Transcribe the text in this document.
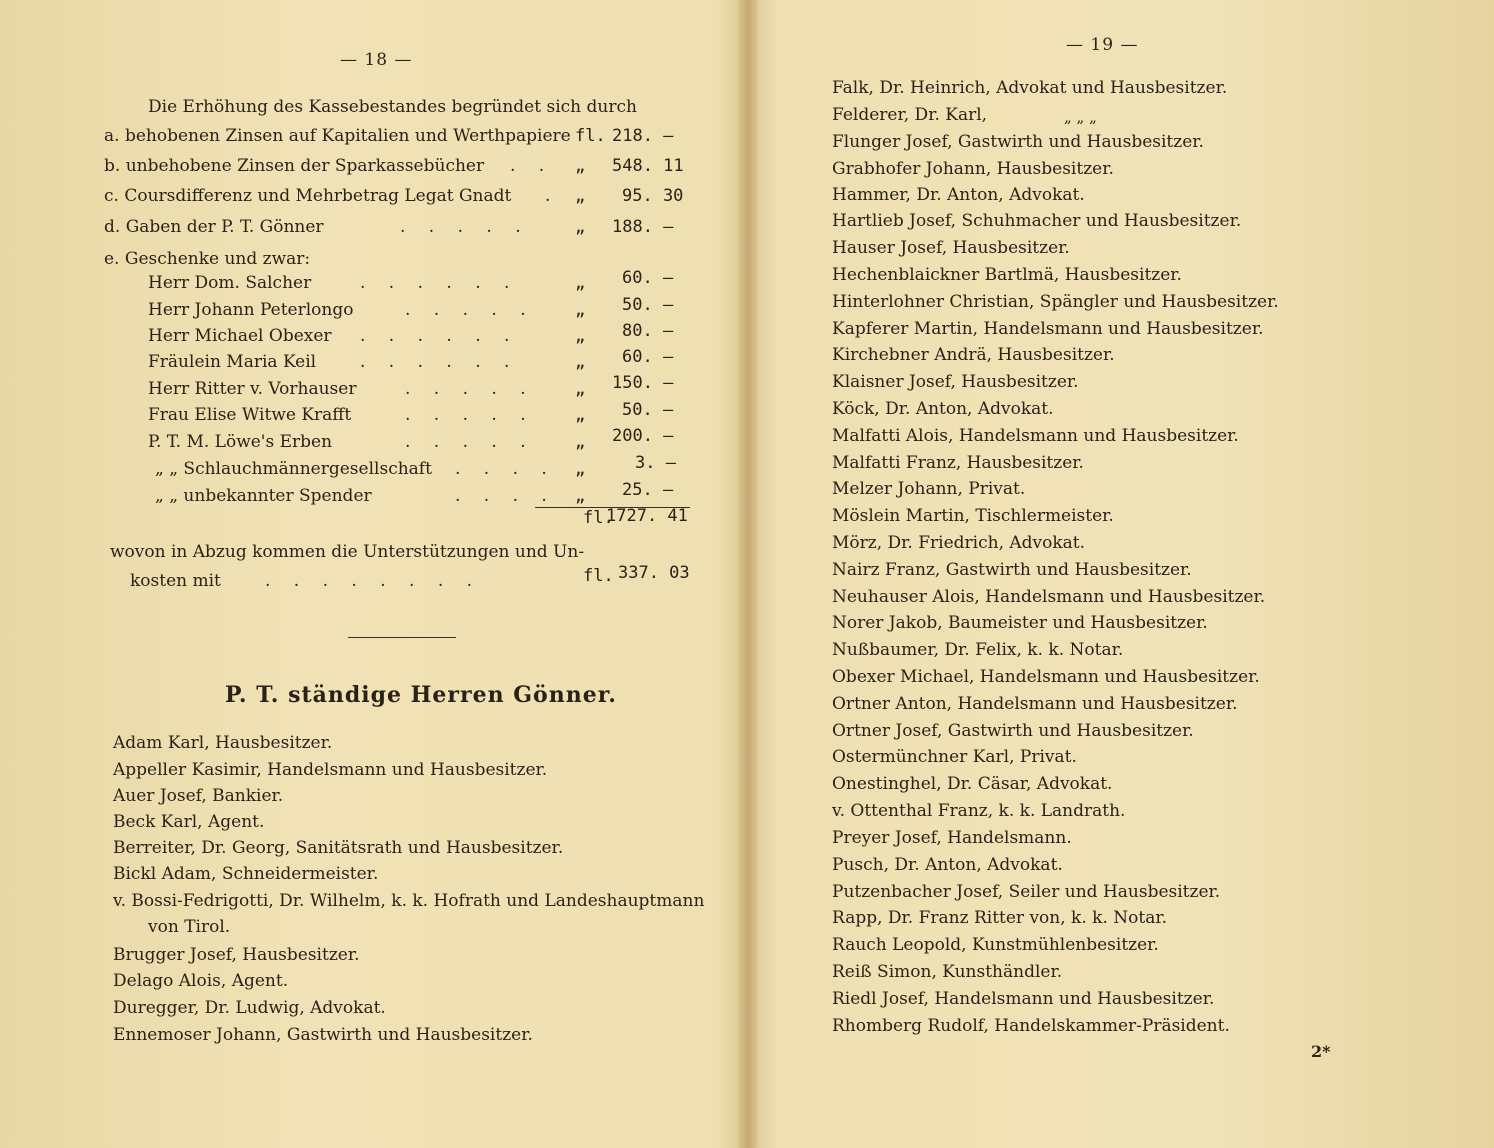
— 18 —
Die Erhöhung des Kassebestandes begründet sich durch
a. behobenen Zinsen auf Kapitalien und Werthpapiere fl. 218. —
b. unbehobene Zinsen der Sparkassebücher . . „ 548. 11
c. Coursdifferenz und Mehrbetrag Legat Gnadt . „ 95. 30
d. Gaben der P. T. Gönner	. . . . .	„ 188. —
e. Geschenke und zwar:
Herr Dom. Salcher	. . . . . .	„ 60. —
Herr Johann Peterlongo	. . . . . „ 50. —
Herr Michael Obexer . . . . . .	„ 80. —
Fräulein Maria Keil	. . . . . .	„ 60. —
Herr Ritter v. Vorhauser	. . . . . „ 150. —
Frau Elise Witwe Krafft	. . . . . „ 50. —
P. T. M. Löwe's Erben	. . . . . „ 200. —
„ „ Schlauchmännergesellschaft . . . . „	3. —
„ „ unbekannter Spender	. . . . „ 25. —
fl.
1727. 41
wovon in Abzug kommen die Unterstützungen und Un-
kosten mit	. . . . . . . .	fl. 337. 03
P. T. ständige Herren Gönner.
Adam Karl, Hausbesitzer.
Appeller Kasimir, Handelsmann und Hausbesitzer.
Auer Josef, Bankier.
Beck Karl, Agent.
Berreiter, Dr. Georg, Sanitätsrath und Hausbesitzer.
Bickl Adam, Schneidermeister.
v. Bossi-Fedrigotti, Dr. Wilhelm, k. k. Hofrath und Landeshauptmann
von Tirol.
Brugger Josef, Hausbesitzer.
Delago Alois, Agent.
Duregger, Dr. Ludwig, Advokat.
Ennemoser Johann, Gastwirth und Hausbesitzer.
— 19 —
Falk, Dr. Heinrich, Advokat und Hausbesitzer.
Felderer, Dr. Karl,	„ „ „
Flunger Josef, Gastwirth und Hausbesitzer.
Grabhofer Johann, Hausbesitzer.
Hammer, Dr. Anton, Advokat.
Hartlieb Josef, Schuhmacher und Hausbesitzer.
Hauser Josef, Hausbesitzer.
Hechenblaickner Bartlmä, Hausbesitzer.
Hinterlohner Christian, Spängler und Hausbesitzer.
Kapferer Martin, Handelsmann und Hausbesitzer.
Kirchebner Andrä, Hausbesitzer.
Klaisner Josef, Hausbesitzer.
Köck, Dr. Anton, Advokat.
Malfatti Alois, Handelsmann und Hausbesitzer.
Malfatti Franz, Hausbesitzer.
Melzer Johann, Privat.
Möslein Martin, Tischlermeister.
Mörz, Dr. Friedrich, Advokat.
Nairz Franz, Gastwirth und Hausbesitzer.
Neuhauser Alois, Handelsmann und Hausbesitzer.
Norer Jakob, Baumeister und Hausbesitzer.
Nußbaumer, Dr. Felix, k. k. Notar.
Obexer Michael, Handelsmann und Hausbesitzer.
Ortner Anton, Handelsmann und Hausbesitzer.
Ortner Josef, Gastwirth und Hausbesitzer.
Ostermünchner Karl, Privat.
Onestinghel, Dr. Cäsar, Advokat.
v. Ottenthal Franz, k. k. Landrath.
Preyer Josef, Handelsmann.
Pusch, Dr. Anton, Advokat.
Putzenbacher Josef, Seiler und Hausbesitzer.
Rapp, Dr. Franz Ritter von, k. k. Notar.
Rauch Leopold, Kunstmühlenbesitzer.
Reiß Simon, Kunsthändler.
Riedl Josef, Handelsmann und Hausbesitzer.
Rhomberg Rudolf, Handelskammer-Präsident.
2*
